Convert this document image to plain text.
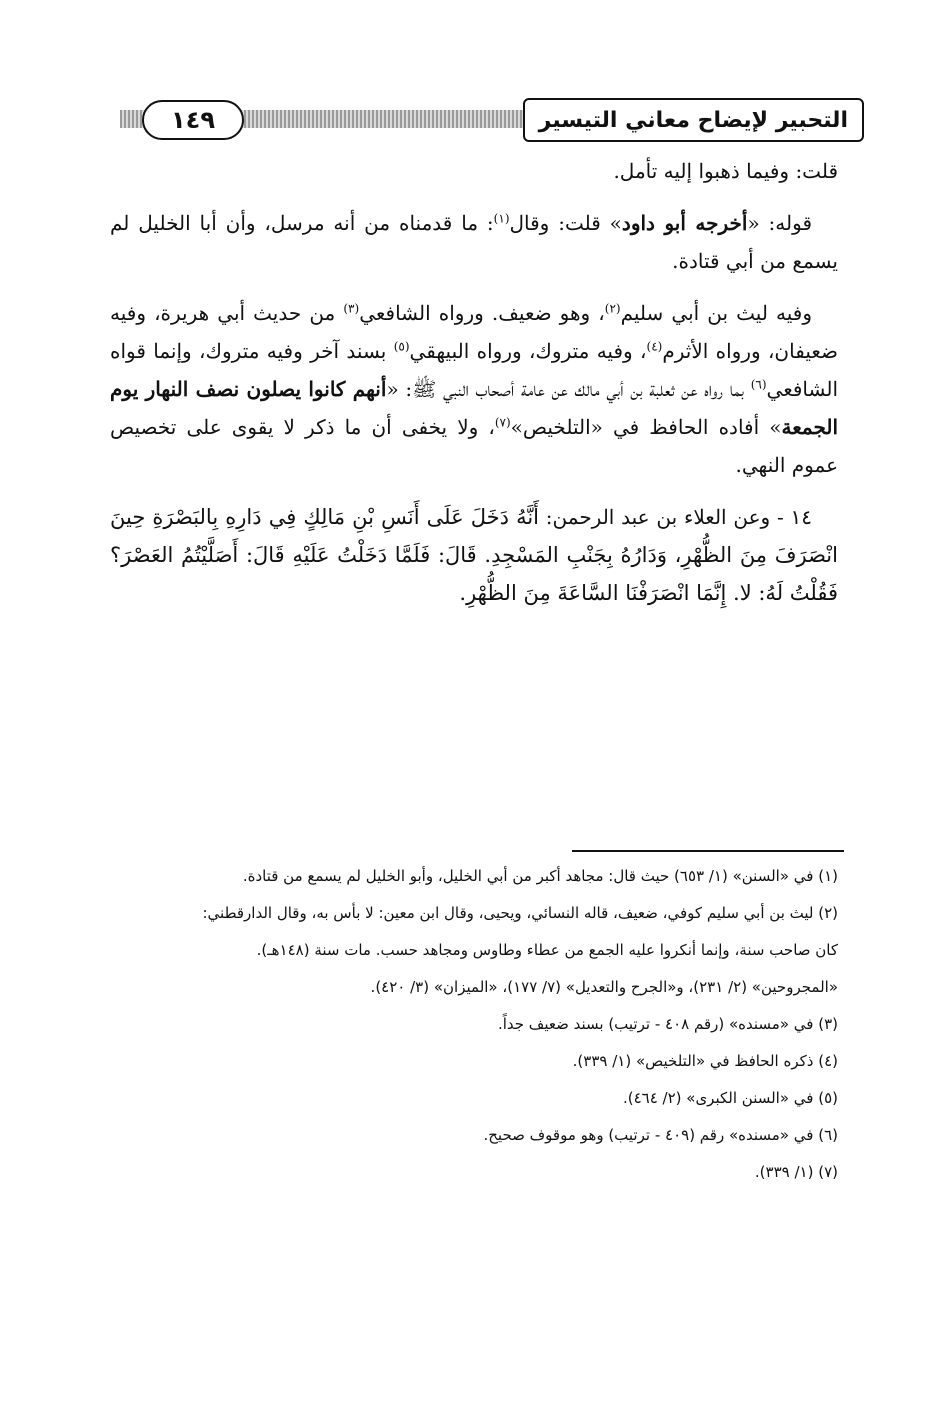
١٤٩	التحبير لإيضاح معاني التيسير

قلت: وفيما ذهبوا إليه تأمل.

قوله: «أخرجه أبو داود» قلت: وقال$^{(١)}$: ما قدمناه من أنه مرسل، وأن أبا الخليل لم يسمع من أبي قتادة.

وفيه ليث بن أبي سليم$^{(٢)}$، وهو ضعيف. ورواه الشافعي$^{(٣)}$ من حديث أبي هريرة، وفيه ضعيفان، ورواه الأثرم$^{(٤)}$، وفيه متروك، ورواه البيهقي$^{(٥)}$ بسند آخر وفيه متروك، وإنما قواه الشافعي$^{(٦)}$ بما رواه عن ثعلبة بن أبي مالك عن عامة أصحاب النبي ﷺ: «أنهم كانوا يصلون نصف النهار يوم الجمعة» أفاده الحافظ في «التلخيص»$^{(٧)}$، ولا يخفى أن ما ذكر لا يقوى على تخصيص عموم النهي.

١٤ - وعن العلاء بن عبد الرحمن: أَنَّهُ دَخَلَ عَلَى أَنَسِ بْنِ مَالِكٍ فِي دَارِهِ بِالبَصْرَةِ حِينَ انْصَرَفَ مِنَ الظُّهْرِ، وَدَارُهُ بِجَنْبِ المَسْجِدِ. قَالَ: فَلَمَّا دَخَلْتُ عَلَيْهِ قَالَ: أَصَلَّيْتُمُ العَصْرَ؟ فَقُلْتُ لَهُ: لا. إِنَّمَا انْصَرَفْنَا السَّاعَةَ مِنَ الظُّهْرِ.

(١) في «السنن» (١/ ٦٥٣) حيث قال: مجاهد أكبر من أبي الخليل، وأبو الخليل لم يسمع من قتادة.
(٢) ليث بن أبي سليم كوفي، ضعيف، قاله النسائي، ويحيى، وقال ابن معين: لا بأس به، وقال الدارقطني:
كان صاحب سنة، وإنما أنكروا عليه الجمع من عطاء وطاوس ومجاهد حسب. مات سنة (١٤٨هـ).
«المجروحين» (٢/ ٢٣١)، و«الجرح والتعديل» (٧/ ١٧٧)، «الميزان» (٣/ ٤٢٠).
(٣) في «مسنده» (رقم ٤٠٨ - ترتيب) بسند ضعيف جداً.
(٤) ذكره الحافظ في «التلخيص» (١/ ٣٣٩).
(٥) في «السنن الكبرى» (٢/ ٤٦٤).
(٦) في «مسنده» رقم (٤٠٩ - ترتيب) وهو موقوف صحيح.
(٧) (١/ ٣٣٩).
